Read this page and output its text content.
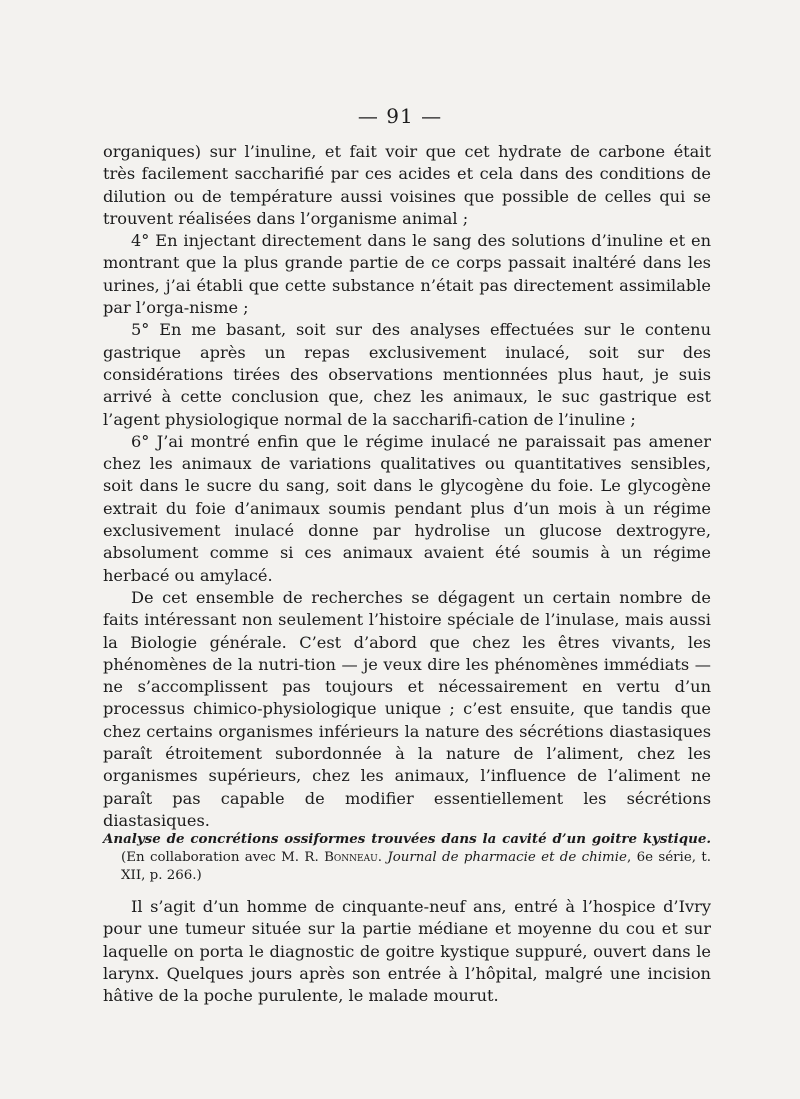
— 91 —

organiques) sur l’inuline, et fait voir que cet hydrate de carbone était très facilement saccharifié par ces acides et cela dans des conditions de dilution ou de température aussi voisines que possible de celles qui se trouvent réalisées dans l’organisme animal ;

4° En injectant directement dans le sang des solutions d’inuline et en montrant que la plus grande partie de ce corps passait inaltéré dans les urines, j’ai établi que cette substance n’était pas directement assimilable par l’orga-nisme ;

5° En me basant, soit sur des analyses effectuées sur le contenu gastrique après un repas exclusivement inulacé, soit sur des considérations tirées des observations mentionnées plus haut, je suis arrivé à cette conclusion que, chez les animaux, le suc gastrique est l’agent physiologique normal de la saccharifi-cation de l’inuline ;

6° J’ai montré enfin que le régime inulacé ne paraissait pas amener chez les animaux de variations qualitatives ou quantitatives sensibles, soit dans le sucre du sang, soit dans le glycogène du foie. Le glycogène extrait du foie d’animaux soumis pendant plus d’un mois à un régime exclusivement inulacé donne par hydrolise un glucose dextrogyre, absolument comme si ces animaux avaient été soumis à un régime herbacé ou amylacé.

De cet ensemble de recherches se dégagent un certain nombre de faits intéressant non seulement l’histoire spéciale de l’inulase, mais aussi la Biologie générale. C’est d’abord que chez les êtres vivants, les phénomènes de la nutri-tion — je veux dire les phénomènes immédiats — ne s’accomplissent pas toujours et nécessairement en vertu d’un processus chimico-physiologique unique ; c’est ensuite, que tandis que chez certains organismes inférieurs la nature des sécrétions diastasiques paraît étroitement subordonnée à la nature de l’aliment, chez les organismes supérieurs, chez les animaux, l’influence de l’aliment ne paraît pas capable de modifier essentiellement les sécrétions diastasiques.

Analyse de concrétions ossiformes trouvées dans la cavité d’un goitre kystique. (En collaboration avec M. R. Bonneau. Journal de pharmacie et de chimie, 6e série, t. XII, p. 266.)

Il s’agit d’un homme de cinquante-neuf ans, entré à l’hospice d’Ivry pour une tumeur située sur la partie médiane et moyenne du cou et sur laquelle on porta le diagnostic de goitre kystique suppuré, ouvert dans le larynx. Quelques jours après son entrée à l’hôpital, malgré une incision hâtive de la poche purulente, le malade mourut.
